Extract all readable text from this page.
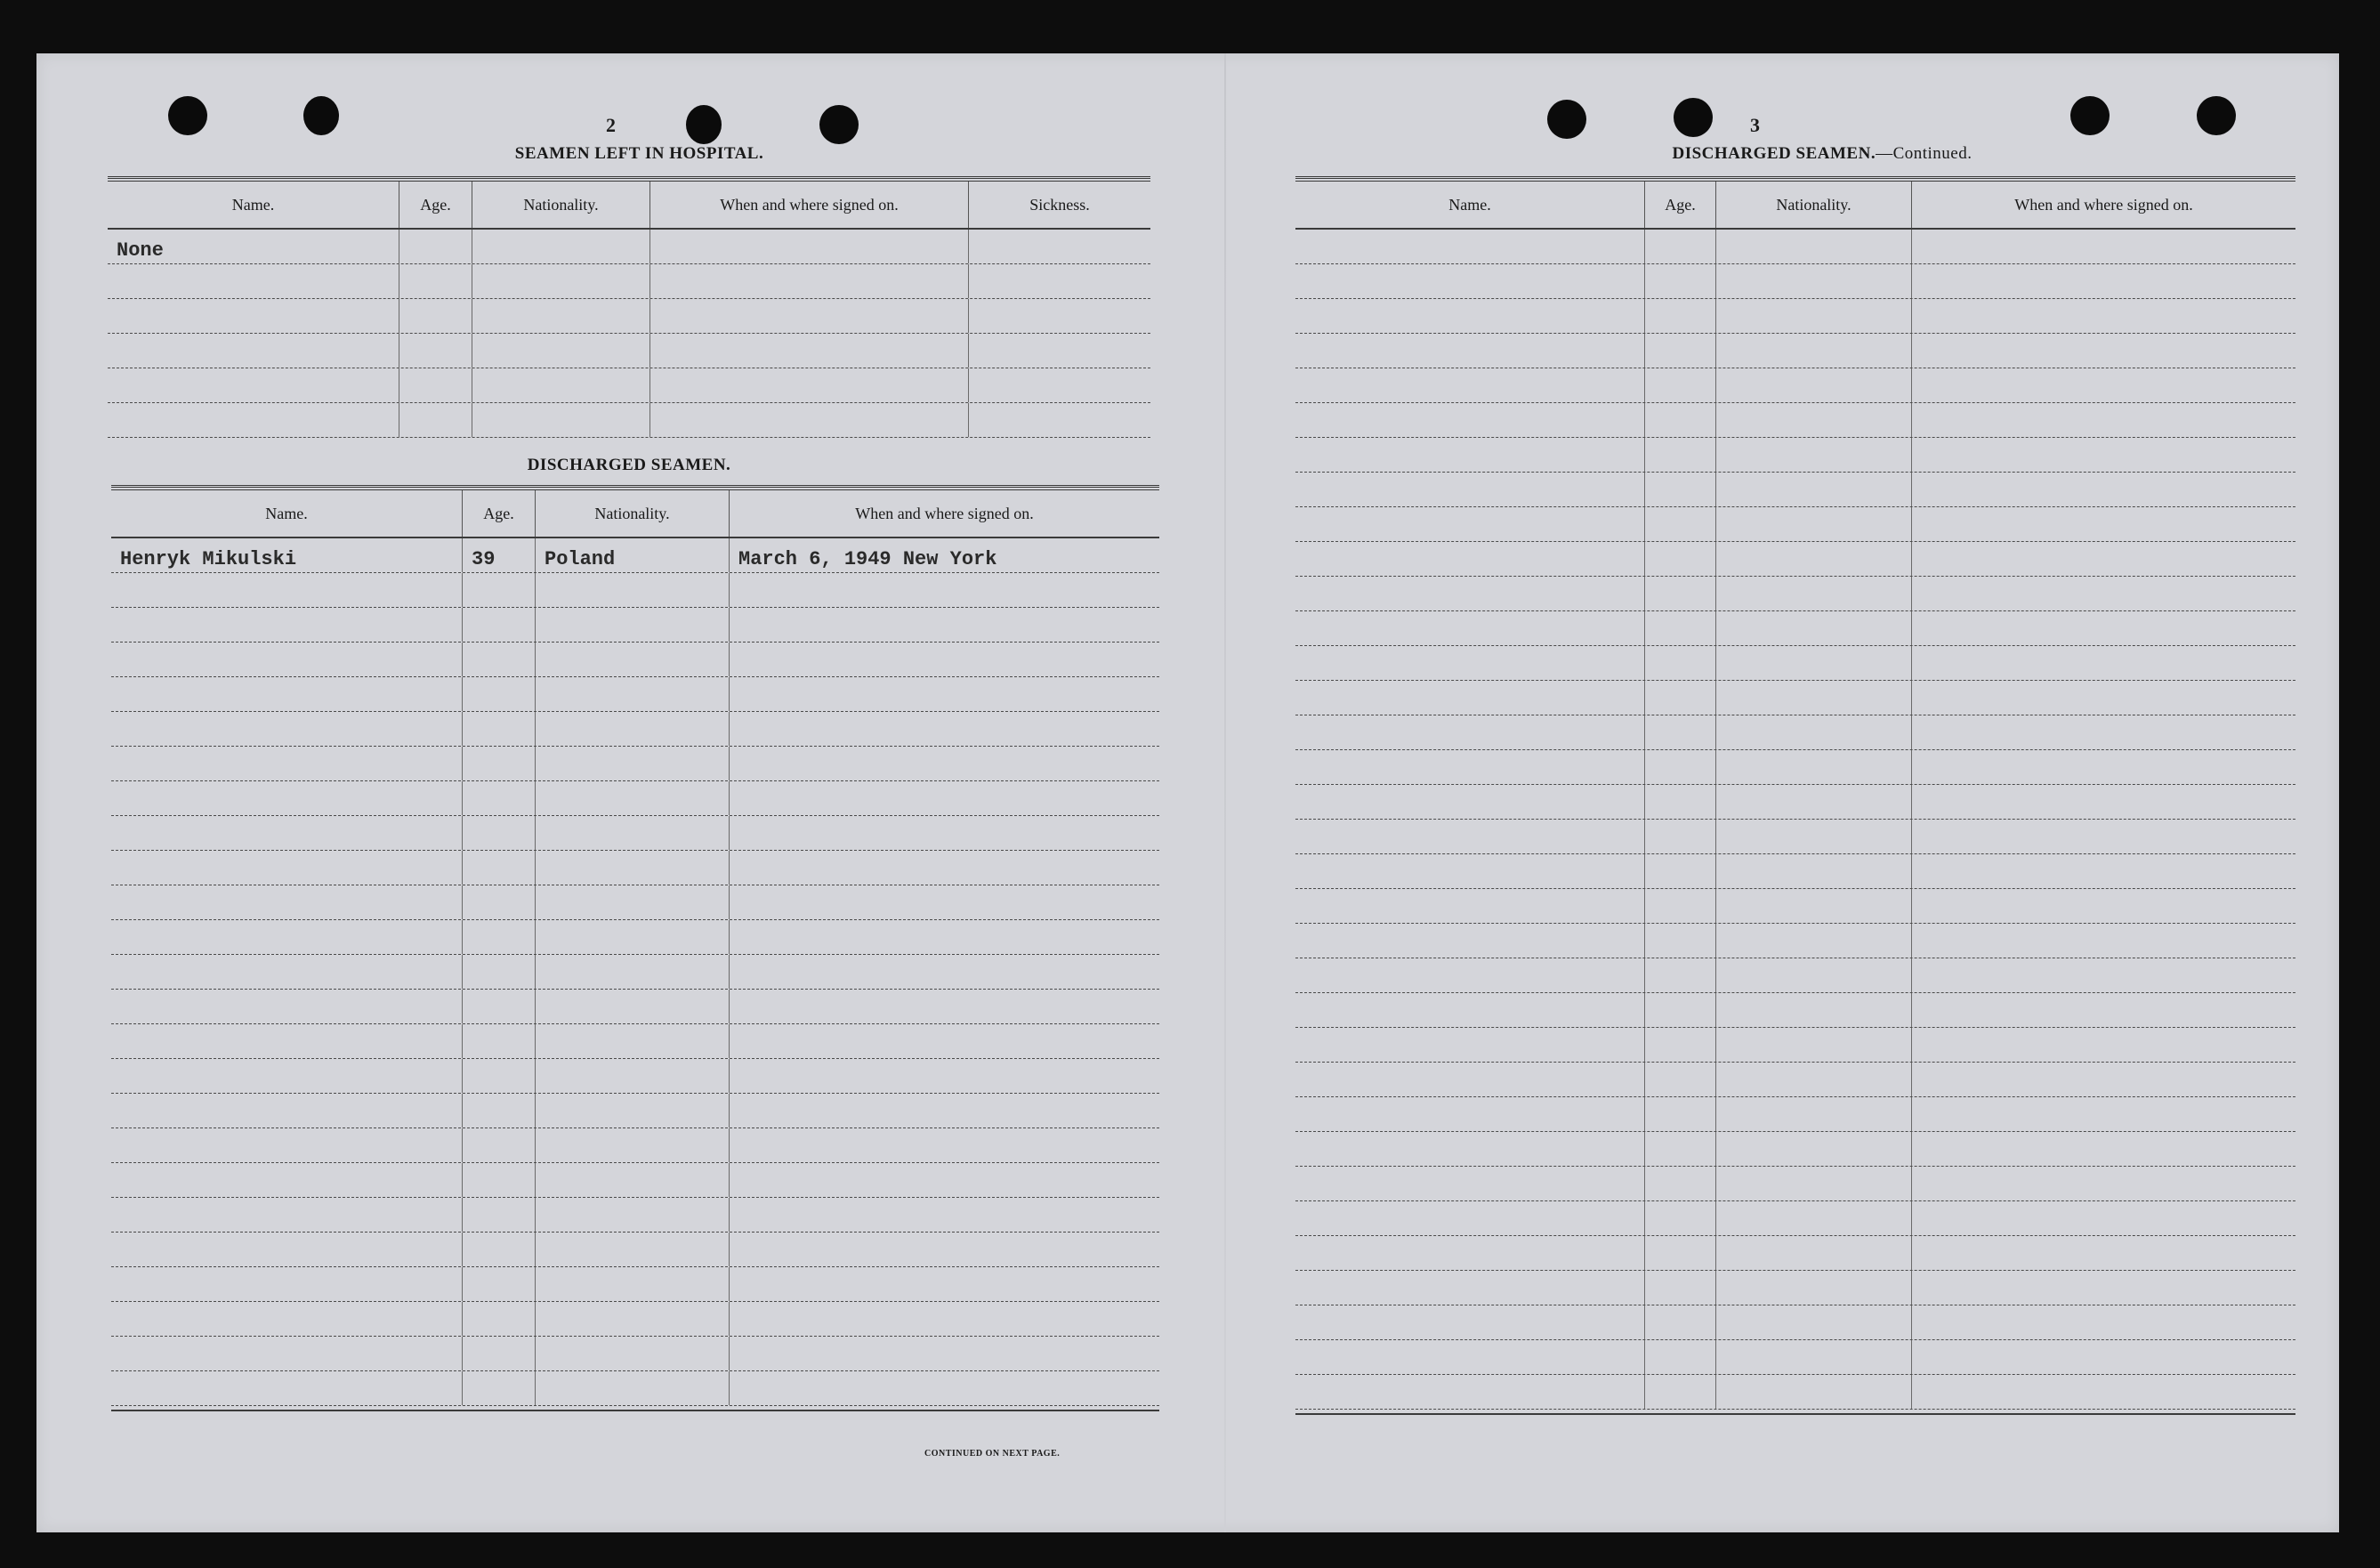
2
SEAMEN LEFT IN HOSPITAL.
Name.	Age.	Nationality.	When and where signed on.	Sickness.
None
DISCHARGED SEAMEN.
Name.	Age.	Nationality.	When and where signed on.
Henryk Mikulski	39	Poland	March 6, 1949 New York
CONTINUED ON NEXT PAGE.
3
DISCHARGED SEAMEN.—Continued.
Name.	Age.	Nationality.	When and where signed on.
